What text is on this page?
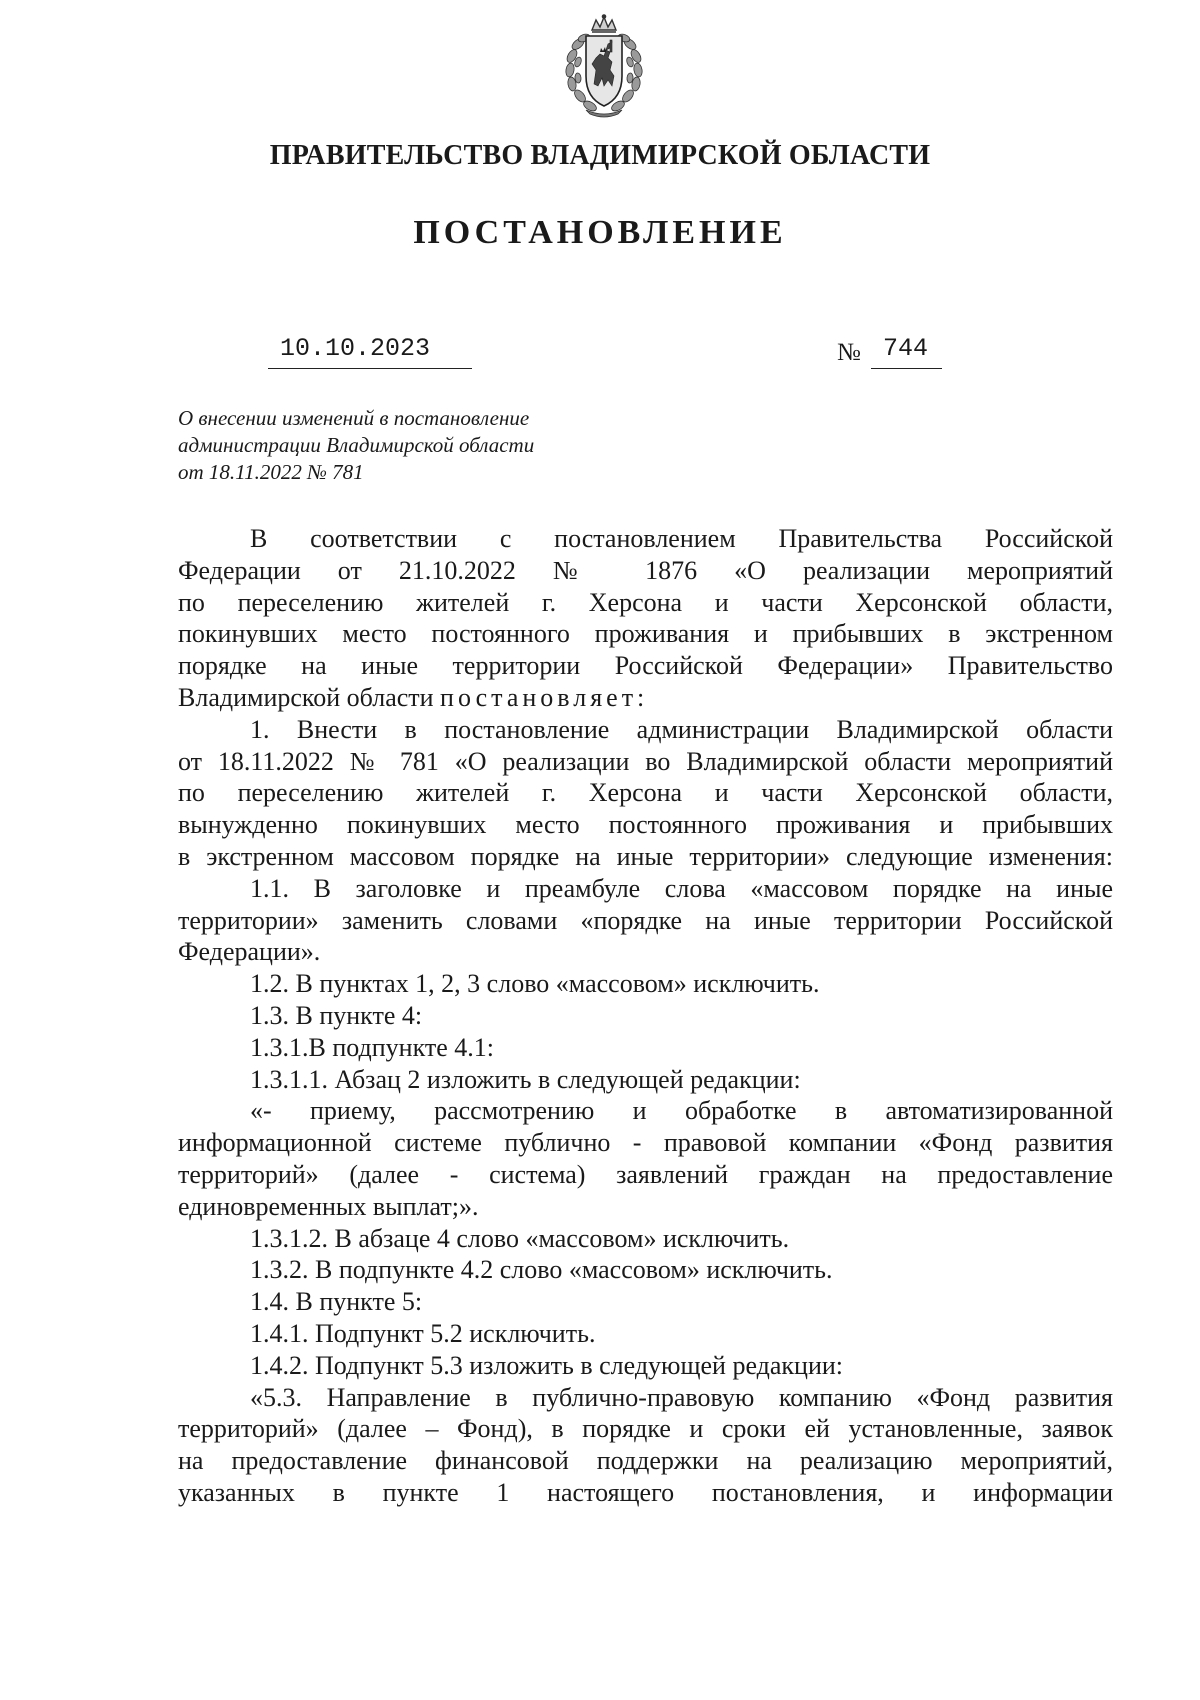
ПРАВИТЕЛЬСТВО ВЛАДИМИРСКОЙ ОБЛАСТИ
ПОСТАНОВЛЕНИЕ
10.10.2023	№ 744
О внесении изменений в постановление
администрации Владимирской области
от 18.11.2022 № 781
В соответствии с постановлением Правительства Российской
Федерации от 21.10.2022 № 1876 «О реализации мероприятий
по переселению жителей г. Херсона и части Херсонской области,
покинувших место постоянного проживания и прибывших в экстренном
порядке на иные территории Российской Федерации» Правительство
Владимирской области постановляет:
1. Внести в постановление администрации Владимирской области
от 18.11.2022 № 781 «О реализации во Владимирской области мероприятий
по переселению жителей г. Херсона и части Херсонской области,
вынужденно покинувших место постоянного проживания и прибывших
в экстренном массовом порядке на иные территории» следующие изменения:
1.1. В заголовке и преамбуле слова «массовом порядке на иные
территории» заменить словами «порядке на иные территории Российской
Федерации».
1.2. В пунктах 1, 2, 3 слово «массовом» исключить.
1.3. В пункте 4:
1.3.1.В подпункте 4.1:
1.3.1.1. Абзац 2 изложить в следующей редакции:
«- приему, рассмотрению и обработке в автоматизированной
информационной системе публично - правовой компании «Фонд развития
территорий» (далее - система) заявлений граждан на предоставление
единовременных выплат;».
1.3.1.2. В абзаце 4 слово «массовом» исключить.
1.3.2. В подпункте 4.2 слово «массовом» исключить.
1.4. В пункте 5:
1.4.1. Подпункт 5.2 исключить.
1.4.2. Подпункт 5.3 изложить в следующей редакции:
«5.3. Направление в публично-правовую компанию «Фонд развития
территорий» (далее – Фонд), в порядке и сроки ей установленные, заявок
на предоставление финансовой поддержки на реализацию мероприятий,
указанных в пункте 1 настоящего постановления, и информации
